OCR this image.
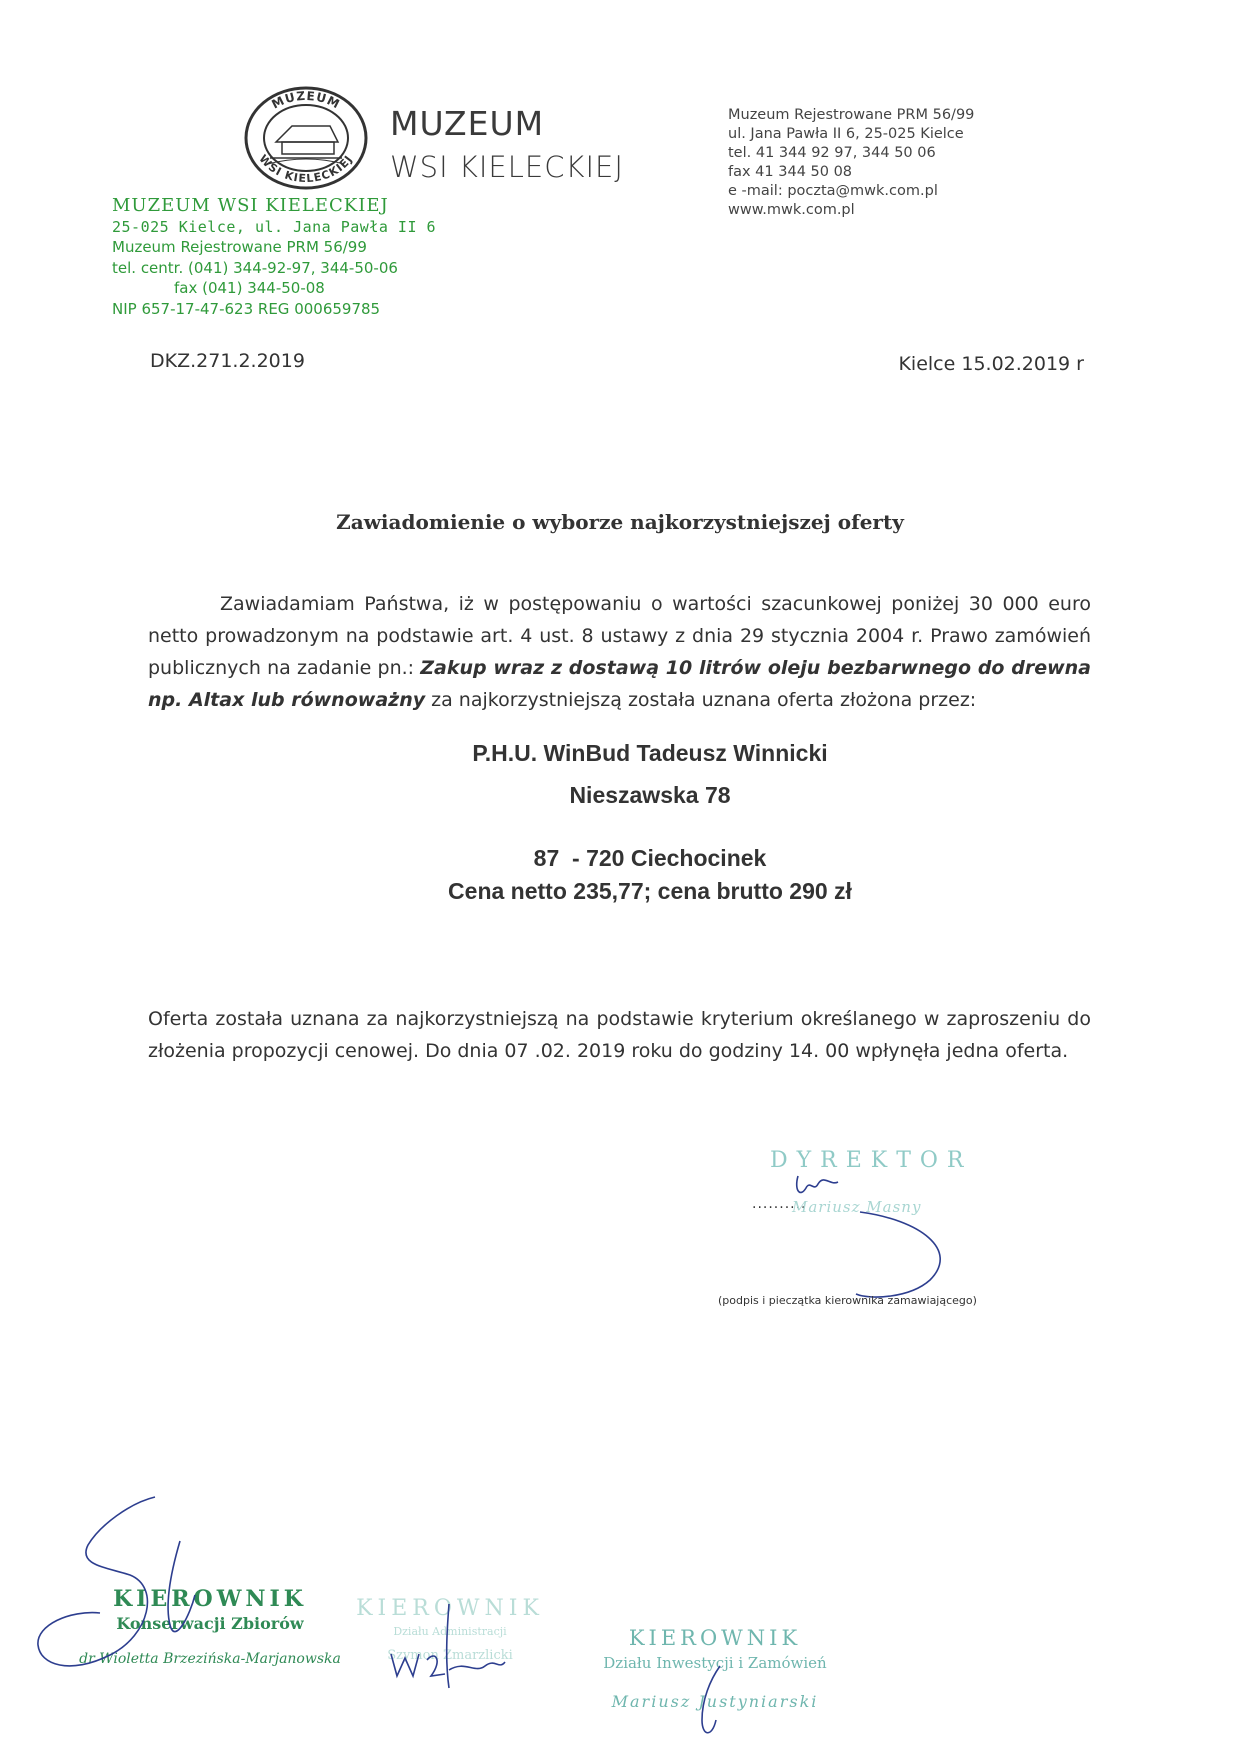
MUZEUM
WSI KIELECKIEJ
MUZEUM
WSI KIELECKIEJ
Muzeum Rejestrowane PRM 56/99
ul. Jana Pawła II 6, 25-025 Kielce
tel. 41 344 92 97, 344 50 06
fax 41 344 50 08
e -mail: poczta@mwk.com.pl
www.mwk.com.pl
MUZEUM WSI KIELECKIEJ
25-025 Kielce, ul. Jana Pawła II 6
Muzeum Rejestrowane PRM 56/99
tel. centr. (041) 344-92-97, 344-50-06
fax (041) 344-50-08
NIP 657-17-47-623 REG 000659785
DKZ.271.2.2019	Kielce 15.02.2019 r
Zawiadomienie o wyborze najkorzystniejszej oferty
Zawiadamiam Państwa, iż w postępowaniu o wartości szacunkowej poniżej 30 000 euro netto prowadzonym na podstawie art. 4 ust. 8 ustawy z dnia 29 stycznia 2004 r. Prawo zamówień publicznych na zadanie pn.: Zakup wraz z dostawą 10 litrów oleju bezbarwnego do drewna np. Altax lub równoważny za najkorzystniejszą została uznana oferta złożona przez:
P.H.U. WinBud Tadeusz Winnicki
Nieszawska 78
87  - 720 Ciechocinek
Cena netto 235,77; cena brutto 290 zł
Oferta została uznana za najkorzystniejszą na podstawie kryterium określanego w zaproszeniu do złożenia propozycji cenowej. Do dnia 07 .02. 2019 roku do godziny 14. 00 wpłynęła jedna oferta.
DYREKTOR
..........
Mariusz Masny
(podpis i pieczątka kierownika zamawiającego)
KIEROWNIK
Konserwacji Zbiorów
dr Wioletta Brzezińska-Marjanowska
KIEROWNIK
Działu Administracji
Szymon Zmarzlicki
KIEROWNIK
Działu Inwestycji i Zamówień
Mariusz Justyniarski
